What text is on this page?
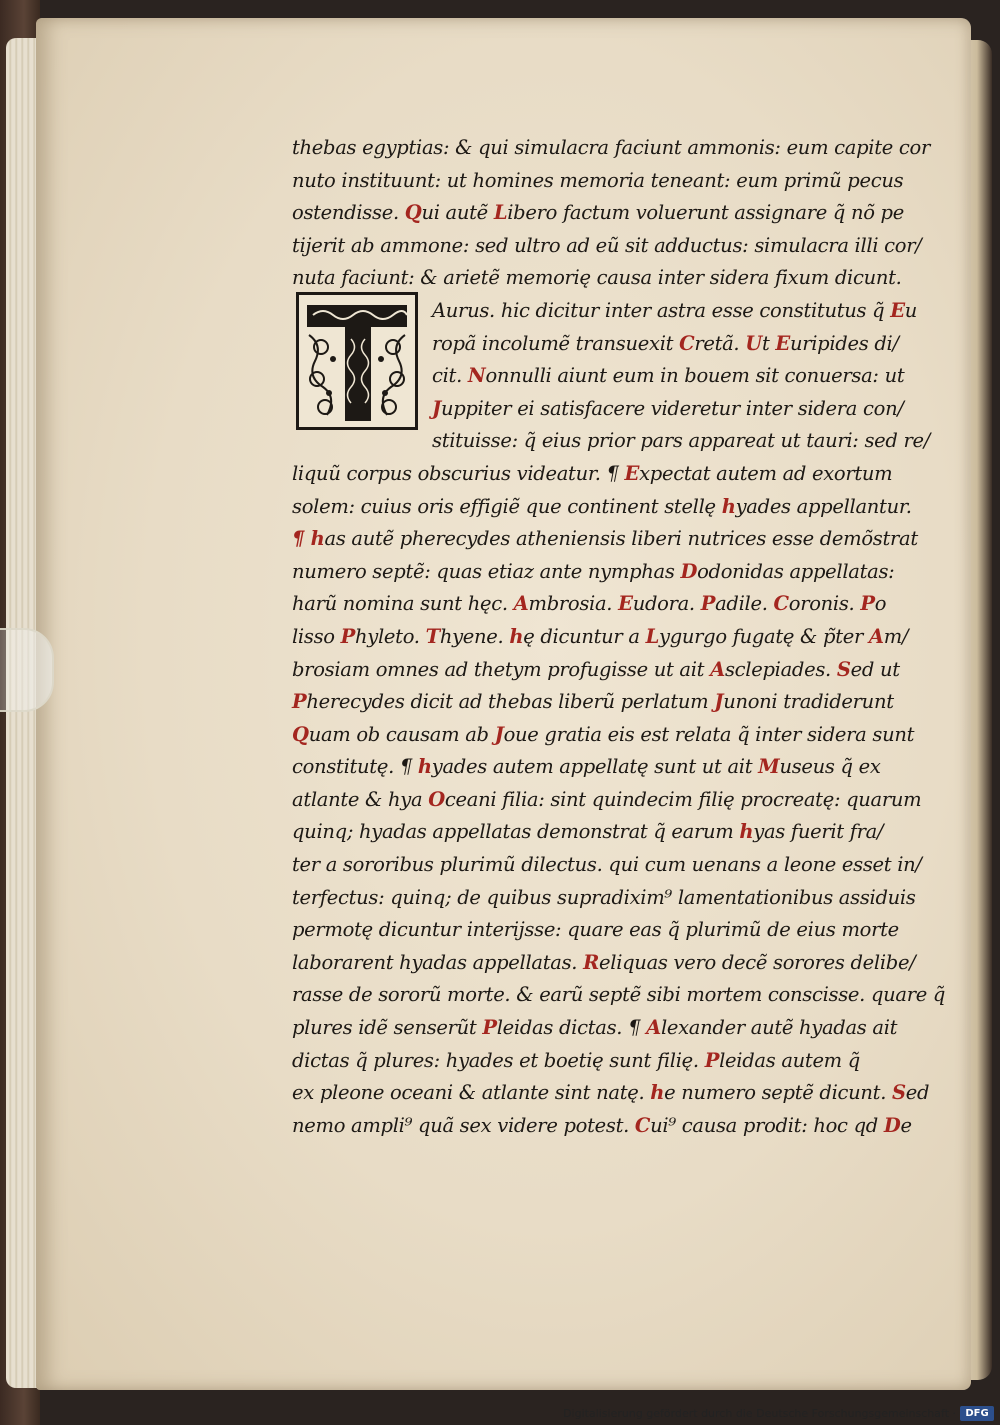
thebas egyptias: & qui simulacra faciunt ammonis: eum capite cor
nuto instituunt: ut homines memoria teneant: eum primũ pecus
ostendisse. Qui autẽ Libero factum voluerunt assignare q̃ nõ pe
tijerit ab ammone: sed ultro ad eũ sit adductus: simulacra illi cor/
nuta faciunt: & arietẽ memorię causa inter sidera fixum dicunt.
Aurus. hic dicitur inter astra esse constitutus q̃ Eu
ropã incolumẽ transuexit Cretã. Ut Euripides di/
cit. Nonnulli aiunt eum in bouem sit conuersa: ut
Juppiter ei satisfacere videretur inter sidera con/
stituisse: q̃ eius prior pars appareat ut tauri: sed re/
liquũ corpus obscurius videatur. ¶ Expectat autem ad exortum
solem: cuius oris effigiẽ que continent stellę hyades appellantur.
¶ has autẽ pherecydes atheniensis liberi nutrices esse demõstrat
numero septẽ: quas etiaz ante nymphas Dodonidas appellatas:
harũ nomina sunt hęc. Ambrosia. Eudora. Padile. Coronis. Po
lisso Phyleto. Thyene. hę dicuntur a Lygurgo fugatę & p̃ter Am/
brosiam omnes ad thetym profugisse ut ait Asclepiades. Sed ut
Pherecydes dicit ad thebas liberũ perlatum Junoni tradiderunt
Quam ob causam ab Joue gratia eis est relata q̃ inter sidera sunt
constitutę. ¶ hyades autem appellatę sunt ut ait Museus q̃ ex
atlante & hya Oceani filia: sint quindecim filię procreatę: quarum
quinq; hyadas appellatas demonstrat q̃ earum hyas fuerit fra/
ter a sororibus plurimũ dilectus. qui cum uenans a leone esset in/
terfectus: quinq; de quibus supradixim⁹ lamentationibus assiduis
permotę dicuntur interijsse: quare eas q̃ plurimũ de eius morte
laborarent hyadas appellatas. Reliquas vero decẽ sorores delibe/
rasse de sororũ morte. & earũ septẽ sibi mortem conscisse. quare q̃
plures idẽ senserũt Pleidas dictas. ¶ Alexander autẽ hyadas ait
dictas q̃ plures: hyades et boetię sunt filię. Pleidas autem q̃
ex pleone oceani & atlante sint natę. he numero septẽ dicunt. Sed
nemo ampli⁹ quã sex videre potest. Cui⁹ causa prodit: hoc qd De
Digitalisierung gefördert durch die Deutsche Forschungsgemeinschaft · DFG
